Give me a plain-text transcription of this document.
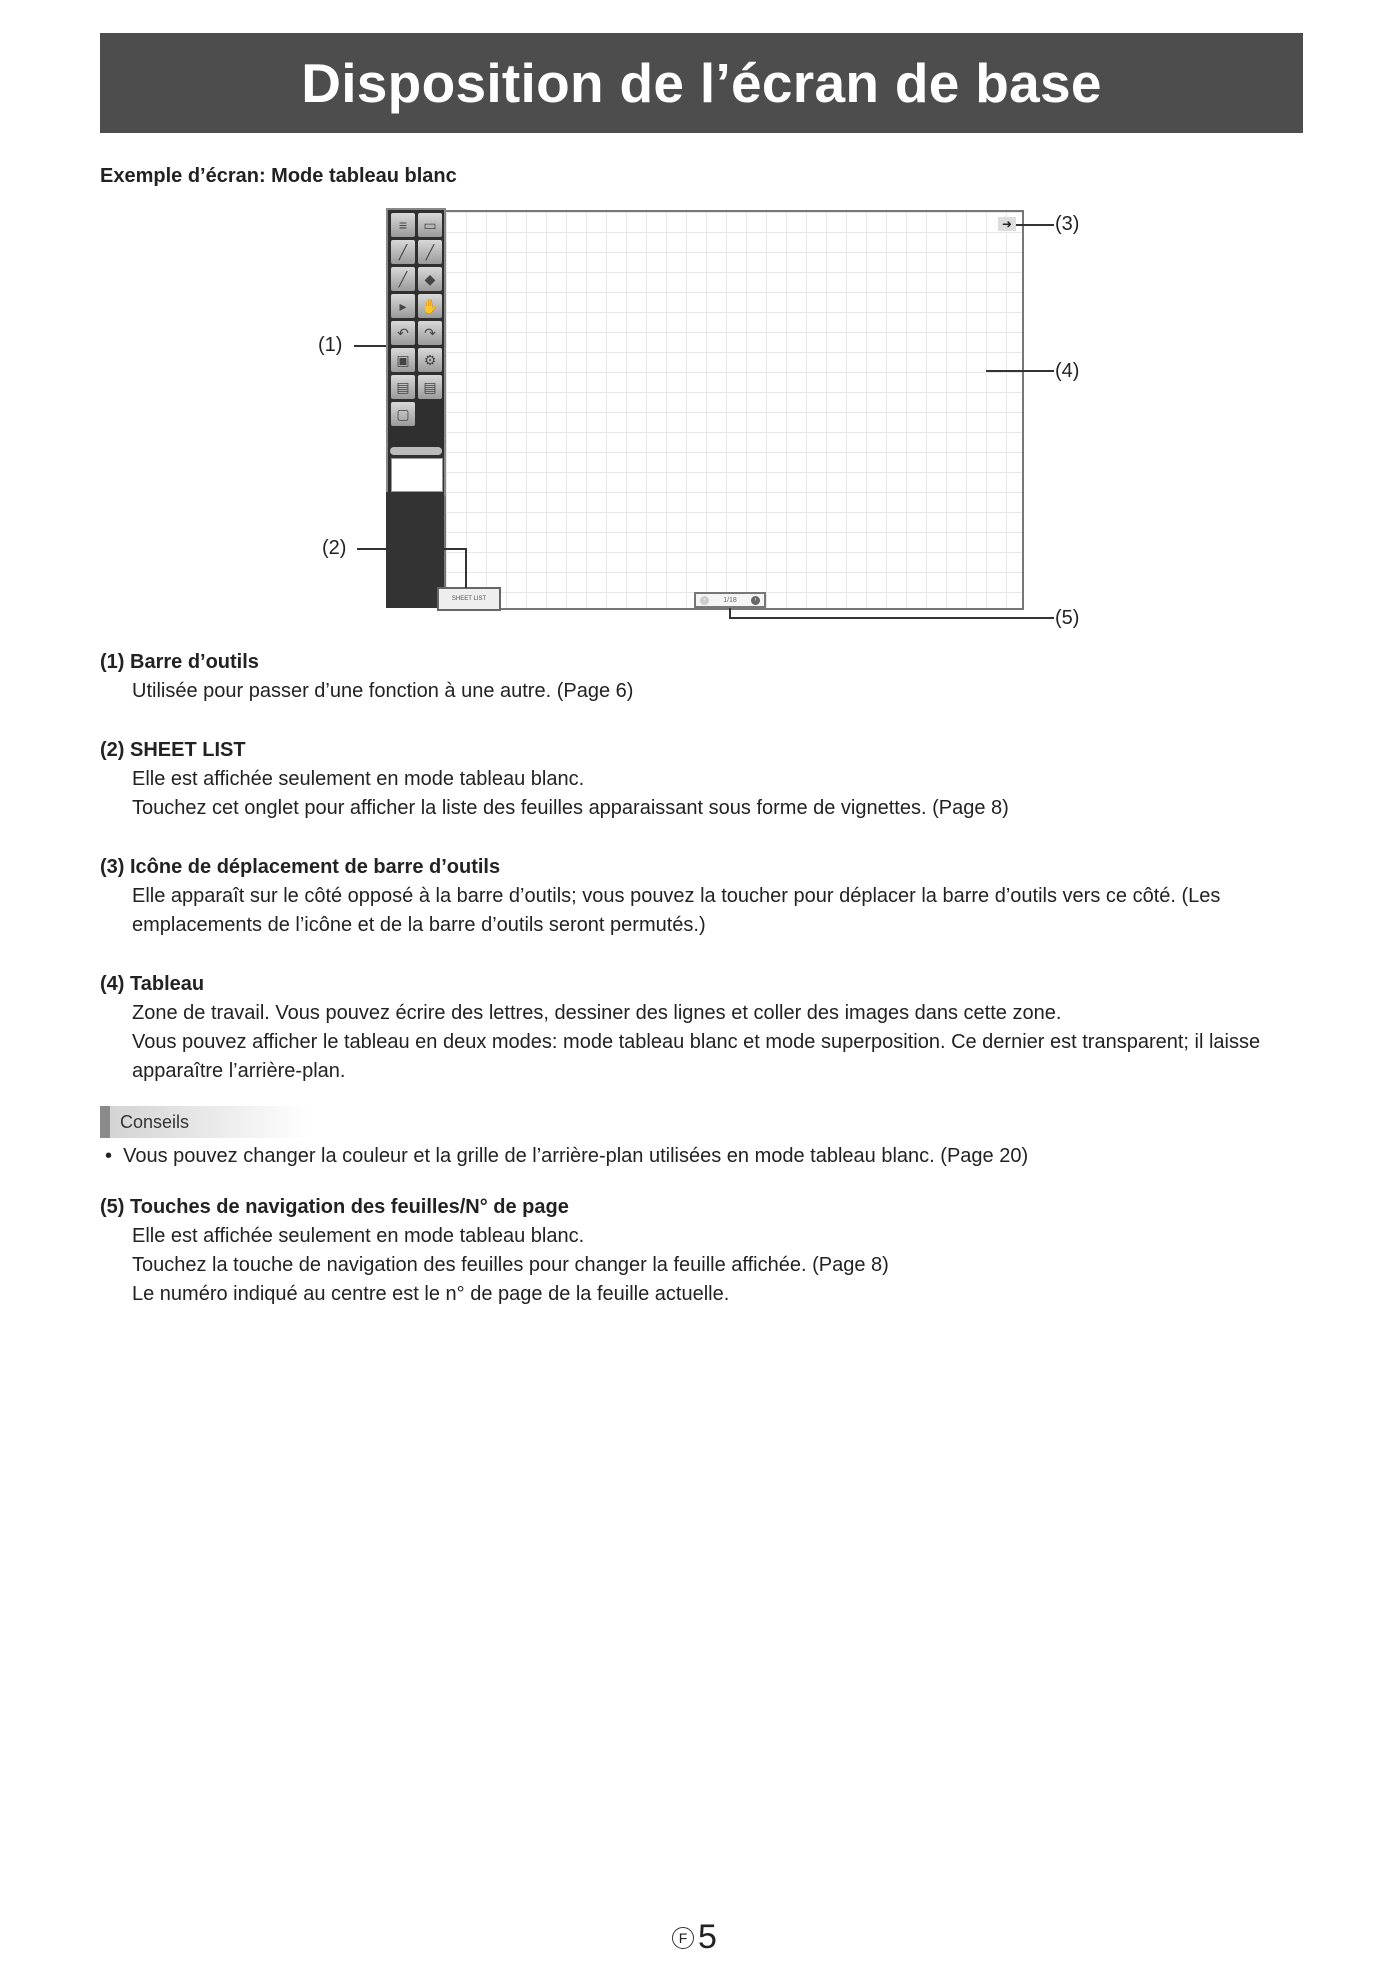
Disposition de l’écran de base
Exemple d’écran: Mode tableau blanc
≡	▭
╱	╱
╱	◆
▸	✋
↶	↷
▣	⚙
▤ ▤
▢
SHEET LIST
➜
‹	1/18	›
(1)
(2)
(3)
(4)
(5)
(1) Barre d’outils
Utilisée pour passer d’une fonction à une autre. (Page 6)
(2) SHEET LIST
Elle est affichée seulement en mode tableau blanc.
Touchez cet onglet pour afficher la liste des feuilles apparaissant sous forme de vignettes. (Page 8)
(3) Icône de déplacement de barre d’outils
Elle apparaît sur le côté opposé à la barre d’outils; vous pouvez la toucher pour déplacer la barre d’outils vers ce côté. (Les emplacements de l’icône et de la barre d’outils seront permutés.)
(4) Tableau
Zone de travail. Vous pouvez écrire des lettres, dessiner des lignes et coller des images dans cette zone.
Vous pouvez afficher le tableau en deux modes: mode tableau blanc et mode superposition. Ce dernier est transparent; il laisse apparaître l’arrière-plan.
Conseils
•  Vous pouvez changer la couleur et la grille de l’arrière-plan utilisées en mode tableau blanc. (Page 20)
(5) Touches de navigation des feuilles/N° de page
Elle est affichée seulement en mode tableau blanc.
Touchez la touche de navigation des feuilles pour changer la feuille affichée. (Page 8)
Le numéro indiqué au centre est le n° de page de la feuille actuelle.
F 5
